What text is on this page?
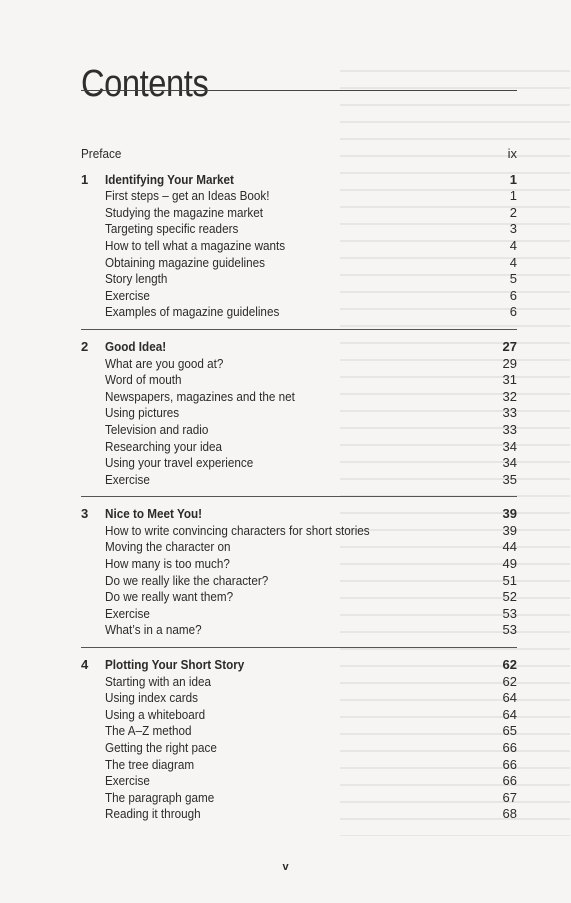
Contents
Preface	ix
1 Identifying Your Market	1
First steps – get an Ideas Book!	1
Studying the magazine market	2
Targeting specific readers	3
How to tell what a magazine wants	4
Obtaining magazine guidelines	4
Story length	5
Exercise	6
Examples of magazine guidelines	6
2 Good Idea!	27
What are you good at?	29
Word of mouth	31
Newspapers, magazines and the net	32
Using pictures	33
Television and radio	33
Researching your idea	34
Using your travel experience	34
Exercise	35
3 Nice to Meet You!	39
How to write convincing characters for short stories	39
Moving the character on	44
How many is too much?	49
Do we really like the character?	51
Do we really want them?	52
Exercise	53
What’s in a name?	53
4 Plotting Your Short Story	62
Starting with an idea	62
Using index cards	64
Using a whiteboard	64
The A–Z method	65
Getting the right pace	66
The tree diagram	66
Exercise	66
The paragraph game	67
Reading it through	68
v
